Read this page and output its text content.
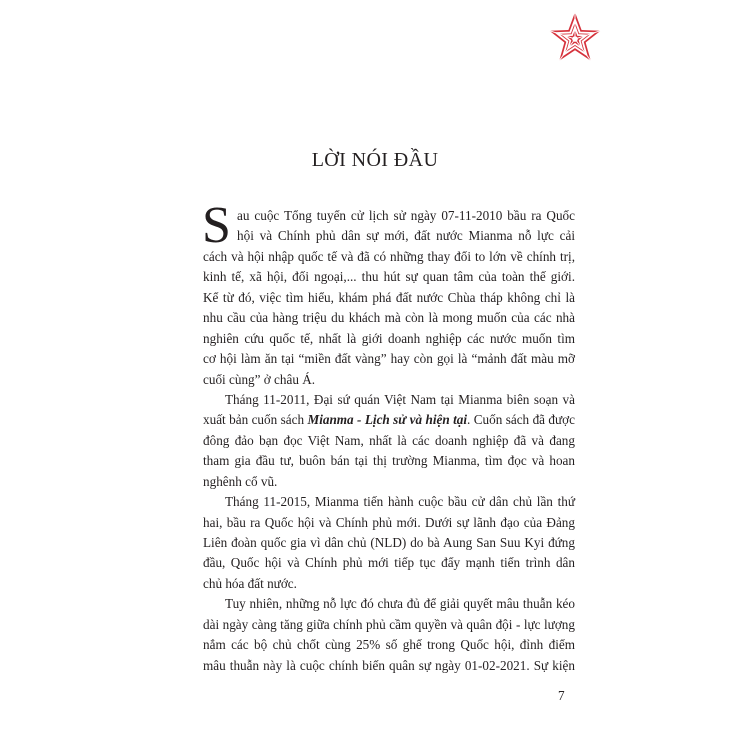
LỜI NÓI ĐẦU
S au cuộc Tổng tuyển cử lịch sử ngày 07-11-2010 bầu ra Quốc
hội và Chính phủ dân sự mới, đất nước Mianma nỗ lực cải
cách và hội nhập quốc tế và đã có những thay đổi to lớn về chính trị,
kinh tế, xã hội, đối ngoại,... thu hút sự quan tâm của toàn thế giới.
Kể từ đó, việc tìm hiểu, khám phá đất nước Chùa tháp không chỉ là
nhu cầu của hàng triệu du khách mà còn là mong muốn của các nhà
nghiên cứu quốc tế, nhất là giới doanh nghiệp các nước muốn tìm
cơ hội làm ăn tại “miền đất vàng” hay còn gọi là “mảnh đất màu mỡ
cuối cùng” ở châu Á.
Tháng 11-2011, Đại sứ quán Việt Nam tại Mianma biên soạn và
xuất bản cuốn sách Mianma - Lịch sử và hiện tại. Cuốn sách đã được
đông đảo bạn đọc Việt Nam, nhất là các doanh nghiệp đã và đang
tham gia đầu tư, buôn bán tại thị trường Mianma, tìm đọc và hoan
nghênh cổ vũ.
Tháng 11-2015, Mianma tiến hành cuộc bầu cử dân chủ lần thứ
hai, bầu ra Quốc hội và Chính phủ mới. Dưới sự lãnh đạo của Đảng
Liên đoàn quốc gia vì dân chủ (NLD) do bà Aung San Suu Kyi đứng
đầu, Quốc hội và Chính phủ mới tiếp tục đẩy mạnh tiến trình dân
chủ hóa đất nước.
Tuy nhiên, những nỗ lực đó chưa đủ để giải quyết mâu thuẫn kéo
dài ngày càng tăng giữa chính phủ cầm quyền và quân đội - lực lượng
nắm các bộ chủ chốt cùng 25% số ghế trong Quốc hội, đỉnh điểm
mâu thuẫn này là cuộc chính biến quân sự ngày 01-02-2021. Sự kiện
7
